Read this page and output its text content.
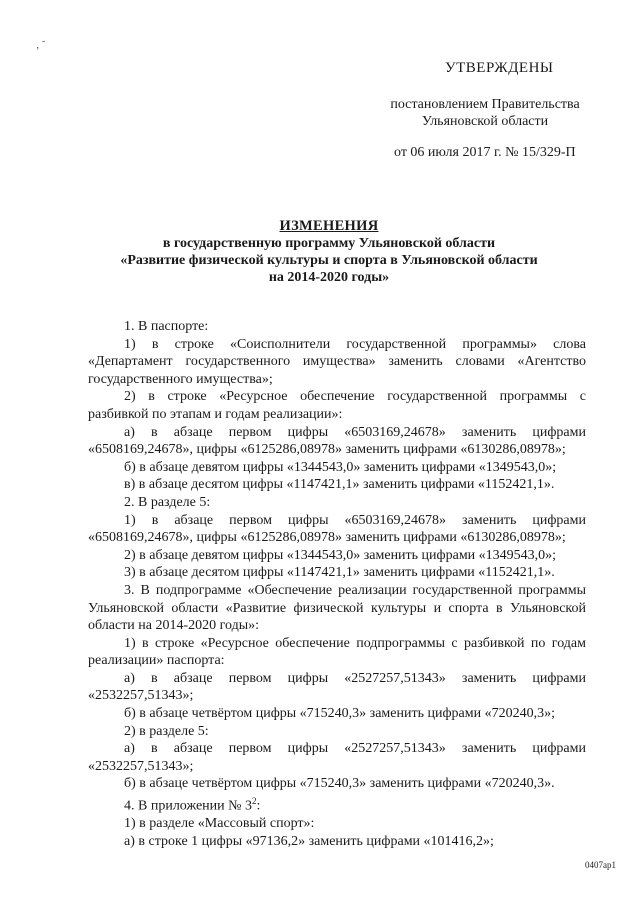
‚ ˜
УТВЕРЖДЕНЫ
постановлением Правительства
Ульяновской области
от 06 июля 2017 г. № 15/329-П
ИЗМЕНЕНИЯ
в государственную программу Ульяновской области
«Развитие физической культуры и спорта в Ульяновской области
на 2014-2020 годы»

1. В паспорте:

1) в строке «Соисполнители государственной программы» слова «Департамент государственного имущества» заменить словами «Агентство государственного имущества»;

2) в строке «Ресурсное обеспечение государственной программы с разбивкой по этапам и годам реализации»:

а) в абзаце первом цифры «6503169,24678» заменить цифрами «6508169,24678», цифры «6125286,08978» заменить цифрами «6130286,08978»;

б) в абзаце девятом цифры «1344543,0» заменить цифрами «1349543,0»;

в) в абзаце десятом цифры «1147421,1» заменить цифрами «1152421,1».

2. В разделе 5:

1) в абзаце первом цифры «6503169,24678» заменить цифрами «6508169,24678», цифры «6125286,08978» заменить цифрами «6130286,08978»;

2) в абзаце девятом цифры «1344543,0» заменить цифрами «1349543,0»;

3) в абзаце десятом цифры «1147421,1» заменить цифрами «1152421,1».

3. В подпрограмме «Обеспечение реализации государственной программы Ульяновской области «Развитие физической культуры и спорта в Ульяновской области на 2014-2020 годы»:

1) в строке «Ресурсное обеспечение подпрограммы с разбивкой по годам реализации» паспорта:

а) в абзаце первом цифры «2527257,51343» заменить цифрами «2532257,51343»;

б) в абзаце четвёртом цифры «715240,3» заменить цифрами «720240,3»;

2) в разделе 5:

а) в абзаце первом цифры «2527257,51343» заменить цифрами «2532257,51343»;

б) в абзаце четвёртом цифры «715240,3» заменить цифрами «720240,3».

4. В приложении № $3^2$:

1) в разделе «Массовый спорт»:

а) в строке 1 цифры «97136,2» заменить цифрами «101416,2»;

0407ар1
